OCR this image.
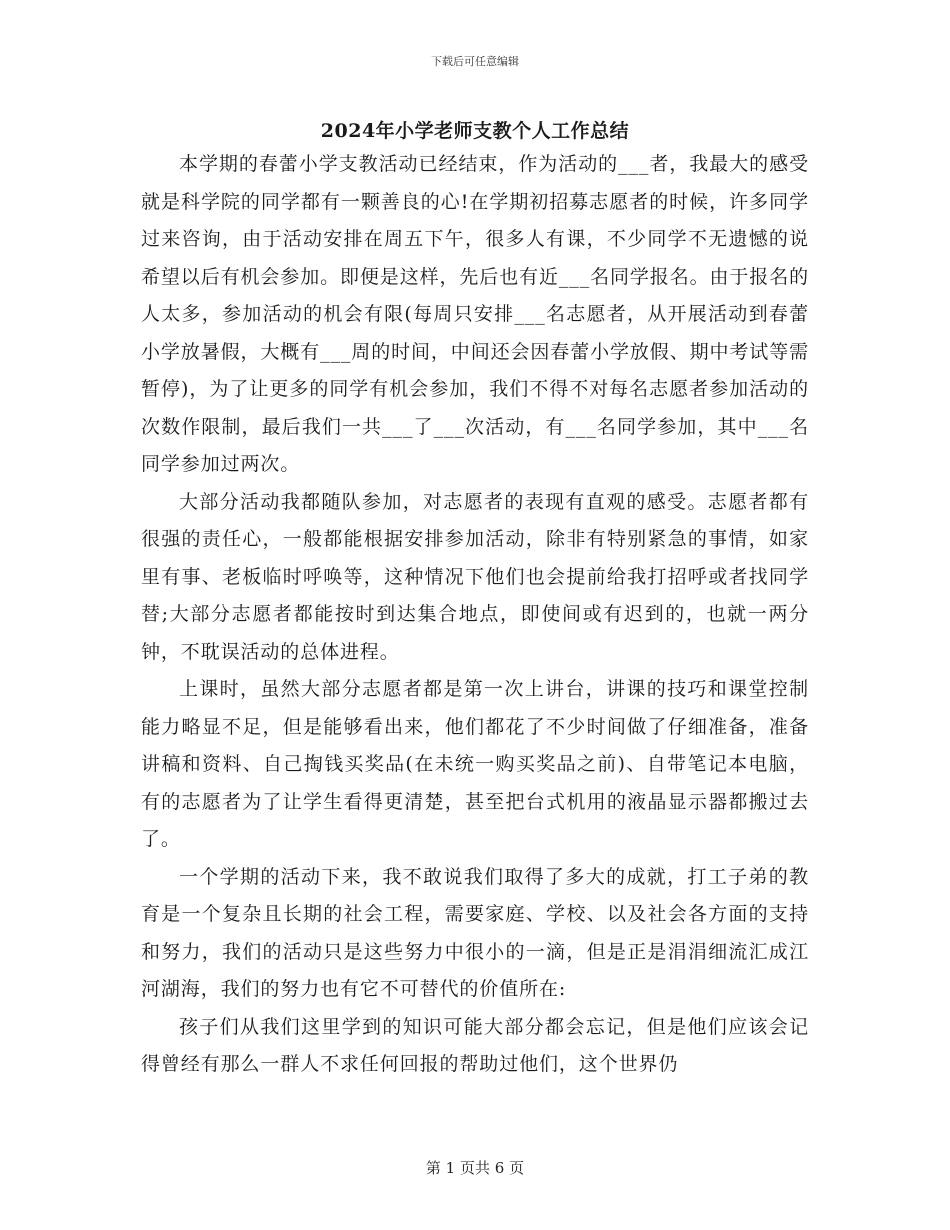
下载后可任意编辑
2024年小学老师支教个人工作总结

本学期的春蕾小学支教活动已经结束，作为活动的___者，我最大的感受就是科学院的同学都有一颗善良的心!在学期初招募志愿者的时候，许多同学过来咨询，由于活动安排在周五下午，很多人有课，不少同学不无遗憾的说希望以后有机会参加。即便是这样，先后也有近___名同学报名。由于报名的人太多，参加活动的机会有限(每周只安排___名志愿者，从开展活动到春蕾小学放暑假，大概有___周的时间，中间还会因春蕾小学放假、期中考试等需暂停)，为了让更多的同学有机会参加，我们不得不对每名志愿者参加活动的次数作限制，最后我们一共___了___次活动，有___名同学参加，其中___名同学参加过两次。

大部分活动我都随队参加，对志愿者的表现有直观的感受。志愿者都有很强的责任心，一般都能根据安排参加活动，除非有特别紧急的事情，如家里有事、老板临时呼唤等，这种情况下他们也会提前给我打招呼或者找同学替;大部分志愿者都能按时到达集合地点，即使间或有迟到的，也就一两分钟，不耽误活动的总体进程。

上课时，虽然大部分志愿者都是第一次上讲台，讲课的技巧和课堂控制能力略显不足，但是能够看出来，他们都花了不少时间做了仔细准备，准备讲稿和资料、自己掏钱买奖品(在未统一购买奖品之前)、自带笔记本电脑，有的志愿者为了让学生看得更清楚，甚至把台式机用的液晶显示器都搬过去了。

一个学期的活动下来，我不敢说我们取得了多大的成就，打工子弟的教育是一个复杂且长期的社会工程，需要家庭、学校、以及社会各方面的支持和努力，我们的活动只是这些努力中很小的一滴，但是正是涓涓细流汇成江河湖海，我们的努力也有它不可替代的价值所在:

孩子们从我们这里学到的知识可能大部分都会忘记，但是他们应该会记得曾经有那么一群人不求任何回报的帮助过他们，这个世界仍

第 1 页共 6 页
